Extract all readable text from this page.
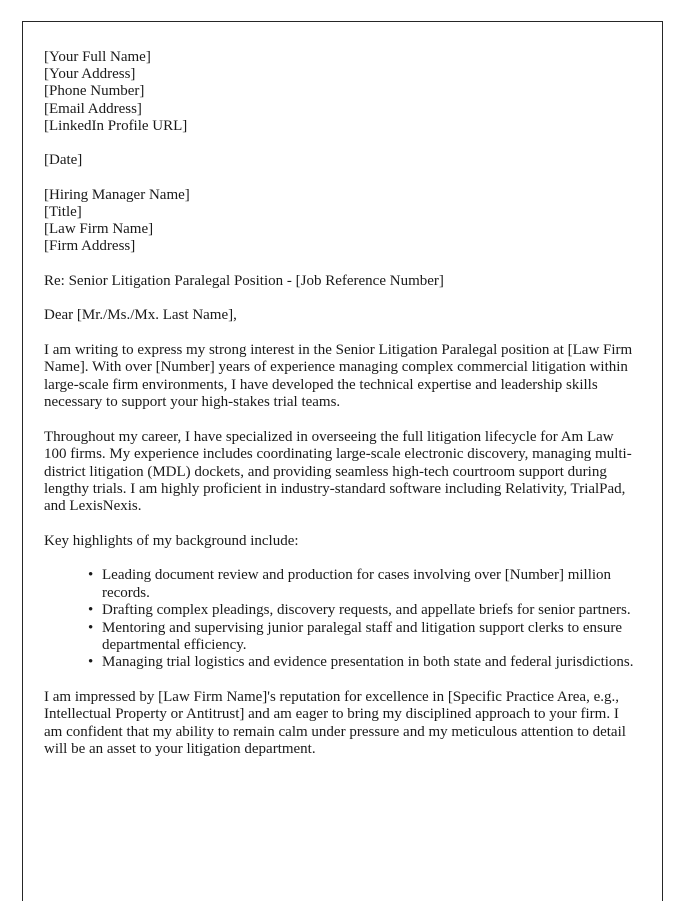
[Your Full Name]
[Your Address]
[Phone Number]
[Email Address]
[LinkedIn Profile URL]

[Date]

[Hiring Manager Name]
[Title]
[Law Firm Name]
[Firm Address]

Re: Senior Litigation Paralegal Position - [Job Reference Number]

Dear [Mr./Ms./Mx. Last Name],

I am writing to express my strong interest in the Senior Litigation Paralegal position at [Law Firm Name]. With over [Number] years of experience managing complex commercial litigation within large-scale firm environments, I have developed the technical expertise and leadership skills necessary to support your high-stakes trial teams.

Throughout my career, I have specialized in overseeing the full litigation lifecycle for Am Law 100 firms. My experience includes coordinating large-scale electronic discovery, managing multi-district litigation (MDL) dockets, and providing seamless high-tech courtroom support during lengthy trials. I am highly proficient in industry-standard software including Relativity, TrialPad, and LexisNexis.

Key highlights of my background include:

• Leading document review and production for cases involving over [Number] million records.
• Drafting complex pleadings, discovery requests, and appellate briefs for senior partners.
• Mentoring and supervising junior paralegal staff and litigation support clerks to ensure departmental efficiency.
• Managing trial logistics and evidence presentation in both state and federal jurisdictions.

I am impressed by [Law Firm Name]'s reputation for excellence in [Specific Practice Area, e.g., Intellectual Property or Antitrust] and am eager to bring my disciplined approach to your firm. I am confident that my ability to remain calm under pressure and my meticulous attention to detail will be an asset to your litigation department.
